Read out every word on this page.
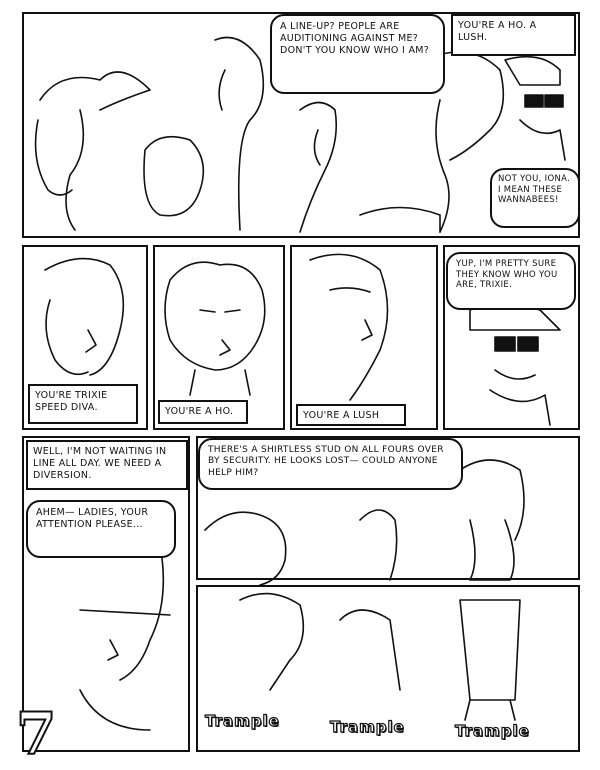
A LINE-UP? PEOPLE ARE AUDITIONING AGAINST ME? DON'T YOU KNOW WHO I AM?
YOU'RE A HO. A LUSH.
NOT YOU, IONA. I MEAN THESE WANNABEES!
YOU'RE TRIXIE SPEED DIVA.	YOU'RE A HO.	YOU'RE A LUSH
YUP, I'M PRETTY SURE THEY KNOW WHO YOU ARE, TRIXIE.
WELL, I'M NOT WAITING IN LINE ALL DAY. WE NEED A DIVERSION.
AHEM— LADIES, YOUR ATTENTION PLEASE...
THERE'S A SHIRTLESS STUD ON ALL FOURS OVER BY SECURITY. HE LOOKS LOST— COULD ANYONE HELP HIM?
Trample	Trample	Trample
7
